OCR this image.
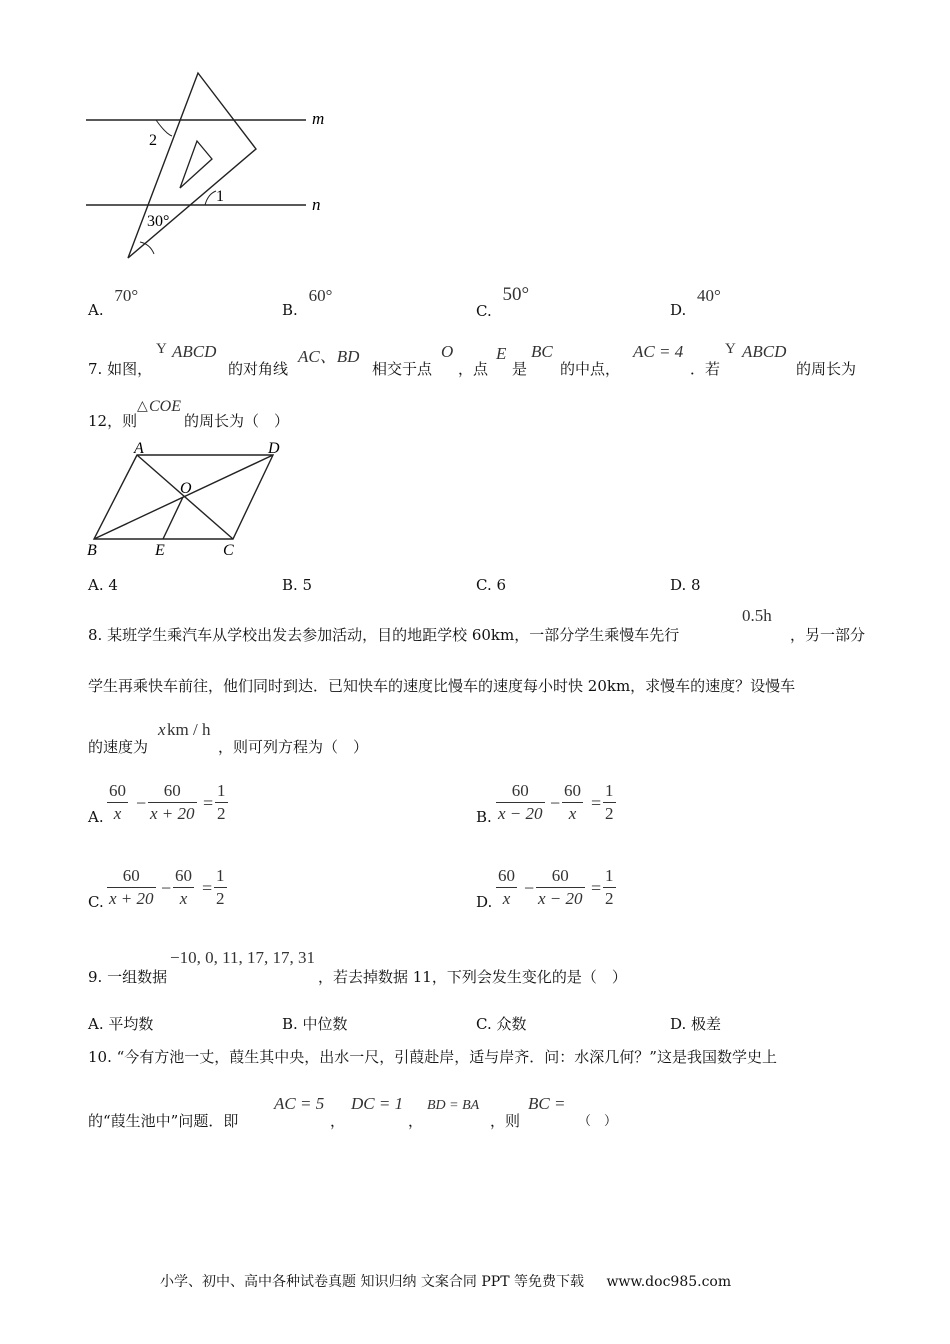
m
n
2
1
30°
A. 70°
B. 60°
C. 50°
D. 40°
7. 如图，
Y ABCD
的对角线
AC、BD
相交于点
O
，点
E
是
BC
的中点，
AC = 4
．若
Y ABCD
的周长为
12，则
△ COE
的周长为（　）
A	D
O
B	E	C
A. 4	B. 5	C. 6	D. 8
8. 某班学生乘汽车从学校出发去参加活动，目的地距学校 60km，一部分学生乘慢车先行
0.5h
，另一部分
学生再乘快车前往，他们同时到达．已知快车的速度比慢车的速度每小时快 20km，求慢车的速度？设慢车
的速度为
x km / h
，则可列方程为（　）
A. $\frac{60}{x} - \frac{60}{x + 20} = \frac{1}{2}$	B. $\frac{60}{x - 20} - \frac{60}{x} = \frac{1}{2}$
C. $\frac{60}{x + 20} - \frac{60}{x} = \frac{1}{2}$	D. $\frac{60}{x} - \frac{60}{x - 20} = \frac{1}{2}$
9. 一组数据
−10, 0, 11, 17, 17, 31
，若去掉数据 11，下列会发生变化的是（　）
A. 平均数	B. 中位数	C. 众数	D. 极差
10. “今有方池一丈，葭生其中央，出水一尺，引葭赴岸，适与岸齐．问：水深几何？”这是我国数学史上
的“葭生池中”问题．即
AC = 5
，
DC = 1
，
BD = BA
，则
BC =
（　）
小学、初中、高中各种试卷真题 知识归纳 文案合同 PPT 等免费下载 www.doc985.com
